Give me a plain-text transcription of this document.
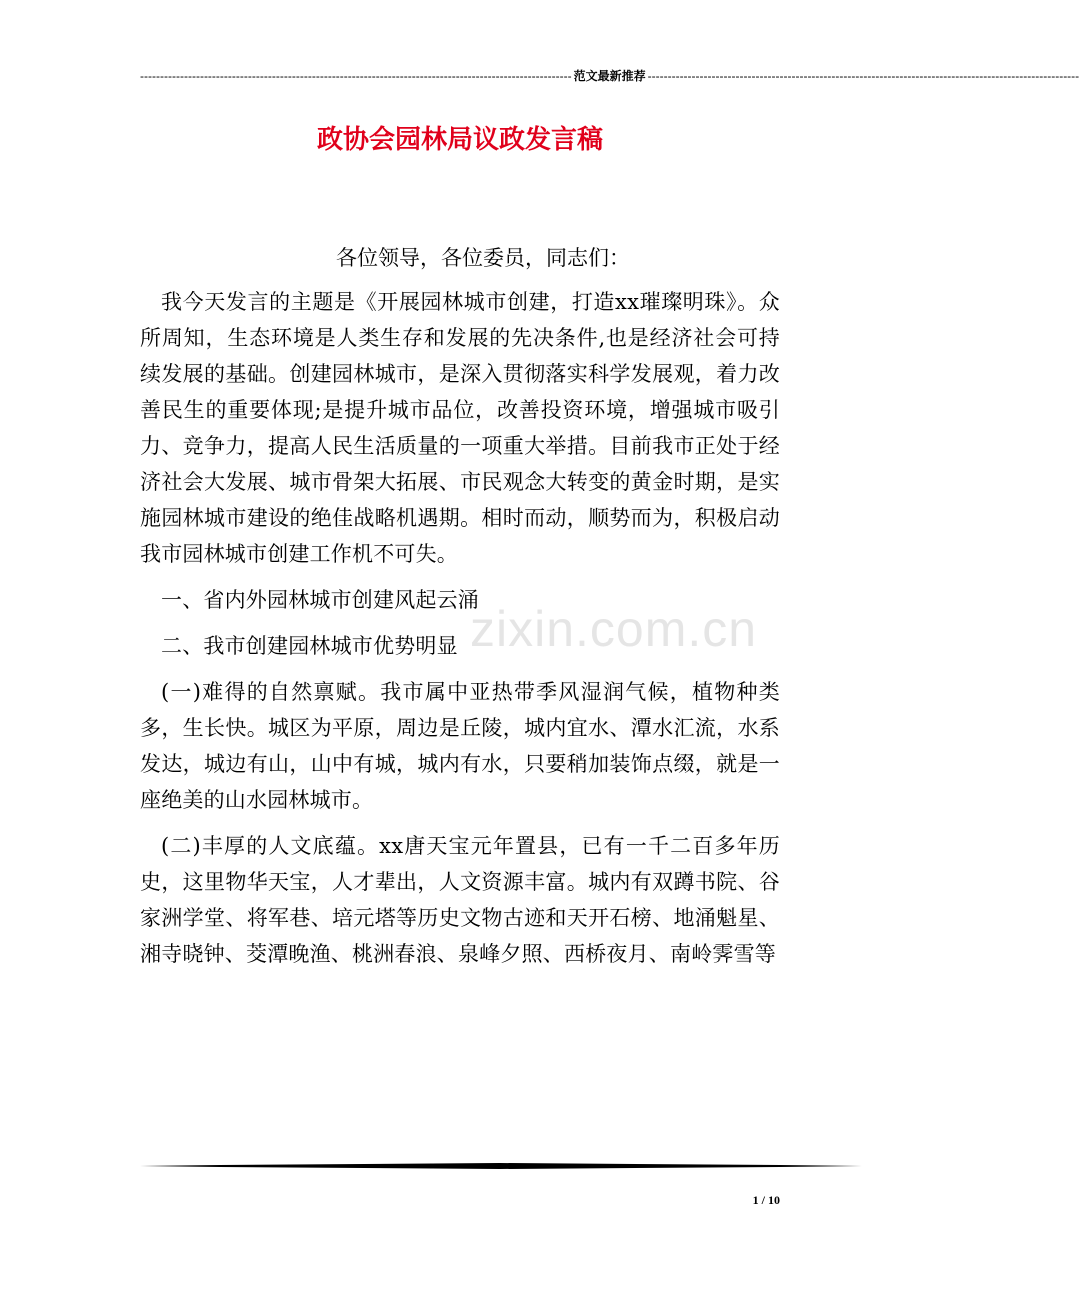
------------------------------------------------------------------------------------------------------------ 范文最新推荐 ------------------------------------------------------------------------------------------------------------
政协会园林局议政发言稿
zixin.com.cn

各位领导，各位委员，同志们：

我今天发言的主题是《开展园林城市创建，打造xx璀璨明珠》。众所周知，生态环境是人类生存和发展的先决条件,也是经济社会可持续发展的基础。创建园林城市，是深入贯彻落实科学发展观，着力改善民生的重要体现;是提升城市品位，改善投资环境，增强城市吸引力、竞争力，提高人民生活质量的一项重大举措。目前我市正处于经济社会大发展、城市骨架大拓展、市民观念大转变的黄金时期，是实施园林城市建设的绝佳战略机遇期。相时而动，顺势而为，积极启动我市园林城市创建工作机不可失。

一、省内外园林城市创建风起云涌

二、我市创建园林城市优势明显

(一)难得的自然禀赋。我市属中亚热带季风湿润气候，植物种类多，生长快。城区为平原，周边是丘陵，城内宜水、潭水汇流，水系发达，城边有山，山中有城，城内有水，只要稍加装饰点缀，就是一座绝美的山水园林城市。

(二)丰厚的人文底蕴。xx唐天宝元年置县，已有一千二百多年历史，这里物华天宝，人才辈出，人文资源丰富。城内有双蹲书院、谷家洲学堂、将军巷、培元塔等历史文物古迹和天开石榜、地涌魁星、湘寺晓钟、茭潭晚渔、桃洲春浪、泉峰夕照、西桥夜月、南岭霁雪等

1 / 10
